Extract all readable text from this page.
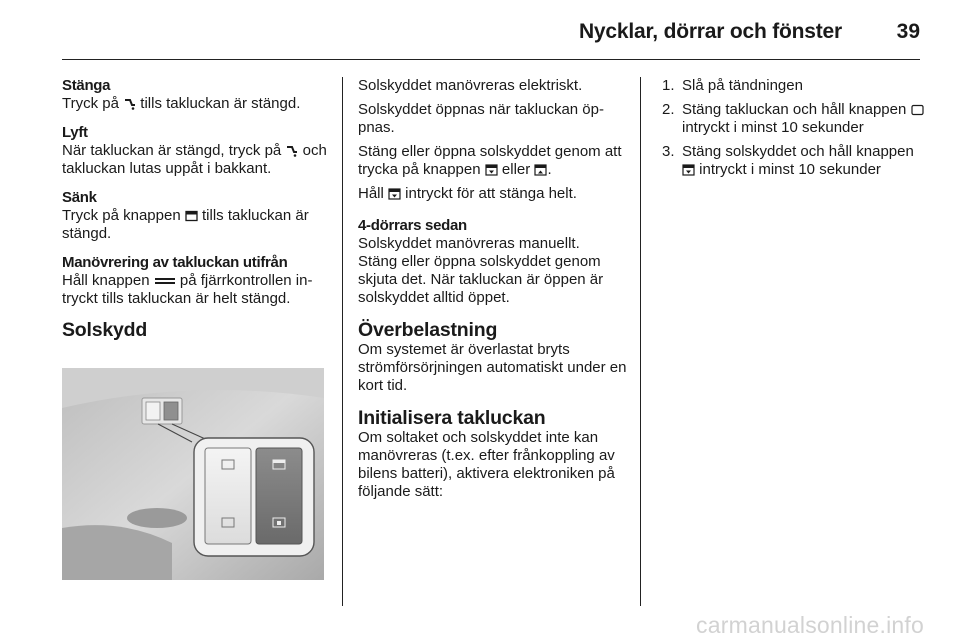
Nycklar, dörrar och fönster	39

Stänga

Tryck på
tills takluckan är stängd.

Lyft

När takluckan är stängd, tryck på
och takluckan lutas uppåt i bakkant.

Sänk

Tryck på knappen
tills takluckan är stängd.

Manövrering av takluckan utifrån

Håll knappen
på fjärrkontrollen intryckt tills takluckan är helt stängd.

Solskydd

Solskyddet manövreras elektriskt.

Solskyddet öppnas när takluckan öppnas.

Stäng eller öppna solskyddet genom att trycka på knappen
eller
.

Håll
intryckt för att stänga helt.

4-dörrars sedan

Solskyddet manövreras manuellt.

Stäng eller öppna solskyddet genom skjuta det. När takluckan är öppen är solskyddet alltid öppet.

Överbelastning

Om systemet är överlastat bryts strömförsörjningen automatiskt under en kort tid.

Initialisera takluckan

Om soltaket och solskyddet inte kan manövreras (t.ex. efter frånkoppling av bilens batteri), aktivera elektroniken på följande sätt:

1. Slå på tändningen
2. Stäng takluckan och håll knappen
intryckt i minst 10 sekunder
3. Stäng solskyddet och håll knappen
intryckt i minst 10 sekunder
carmanualsonline.info
